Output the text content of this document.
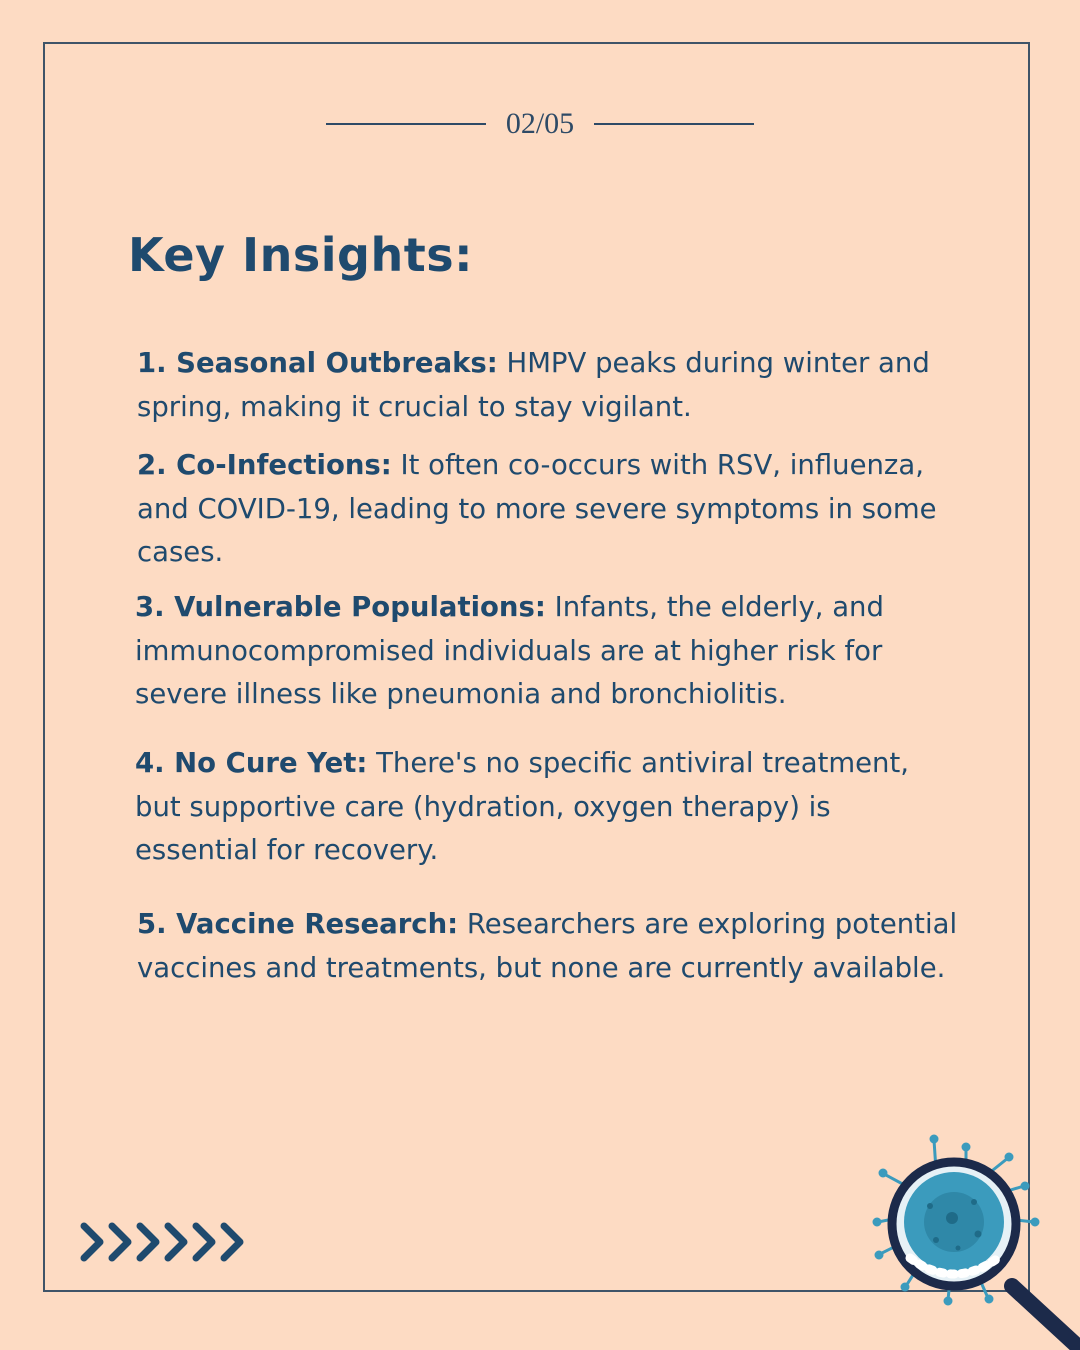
02/05
Key Insights:

1. Seasonal Outbreaks: HMPV peaks during winter and spring, making it crucial to stay vigilant.

2. Co-Infections: It often co-occurs with RSV, influenza, and COVID-19, leading to more severe symptoms in some cases.

3. Vulnerable Populations: Infants, the elderly, and immunocompromised individuals are at higher risk for severe illness like pneumonia and bronchiolitis.

4. No Cure Yet: There's no specific antiviral treatment, but supportive care (hydration, oxygen therapy) is essential for recovery.

5. Vaccine Research: Researchers are exploring potential vaccines and treatments, but none are currently available.
